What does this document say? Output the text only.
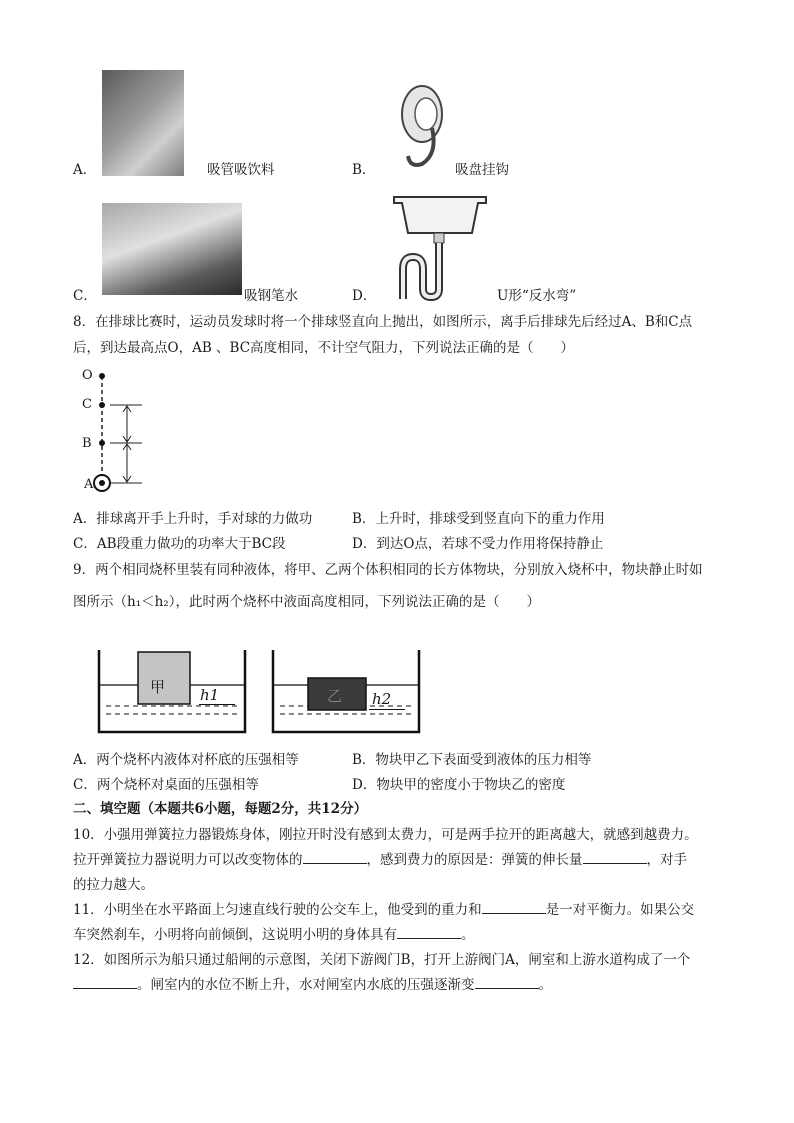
A．	吸管吸饮料	B．	吸盘挂钩
C．	吸钢笔水	D．	U形“反水弯”
8．在排球比赛时，运动员发球时将一个排球竖直向上抛出，如图所示，离手后排球先后经过A、B和C点
后，到达最高点O，AB 、BC高度相同，不计空气阻力，下列说法正确的是（　　）
O
C
B
A
A．排球离开手上升时，手对球的力做功	B．上升时，排球受到竖直向下的重力作用
C．AB段重力做功的功率大于BC段	D．到达O点，若球不受力作用将保持静止
9．两个相同烧杯里装有同种液体，将甲、乙两个体积相同的长方体物块，分别放入烧杯中，物块静止时如
图所示（h₁＜h₂），此时两个烧杯中液面高度相同，下列说法正确的是（　　）
甲 h1	乙 h2
A．两个烧杯内液体对杯底的压强相等	B．物块甲乙下表面受到液体的压力相等
C．两个烧杯对桌面的压强相等	D．物块甲的密度小于物块乙的密度
二、填空题（本题共6小题，每题2分，共12分）
10．小强用弹簧拉力器锻炼身体，刚拉开时没有感到太费力，可是两手拉开的距离越大，就感到越费力。
拉开弹簧拉力器说明力可以改变物体的	，感到费力的原因是：弹簧的伸长量	，对手
的拉力越大。
11．小明坐在水平路面上匀速直线行驶的公交车上，他受到的重力和	是一对平衡力。如果公交
车突然刹车，小明将向前倾倒，这说明小明的身体具有	。
12．如图所示为船只通过船闸的示意图，关闭下游阀门B，打开上游阀门A，闸室和上游水道构成了一个
。闸室内的水位不断上升，水对闸室内水底的压强逐渐变	。
